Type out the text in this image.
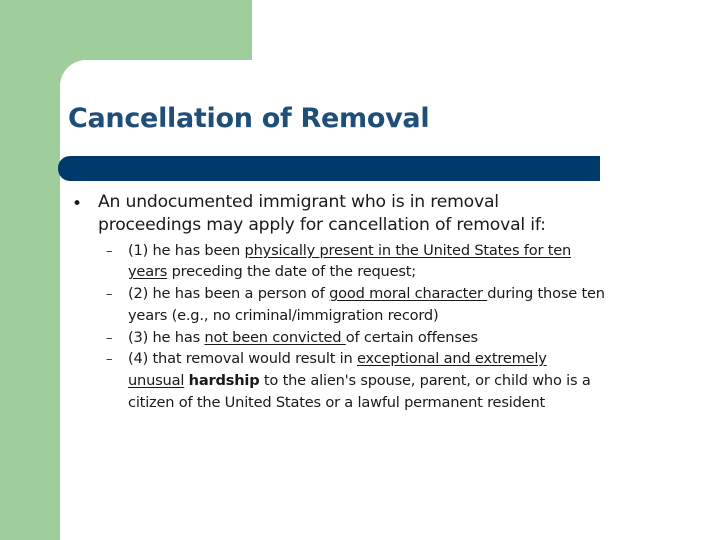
Cancellation of Removal
• An undocumented immigrant who is in removal
proceedings may apply for cancellation of removal if:
– (1) he has been physically present in the United States for ten
years preceding the date of the request;
– (2) he has been a person of good moral character during those ten
years (e.g., no criminal/immigration record)
– (3) he has not been convicted of certain offenses
– (4) that removal would result in exceptional and extremely
unusual hardship to the alien's spouse, parent, or child who is a
citizen of the United States or a lawful permanent resident
